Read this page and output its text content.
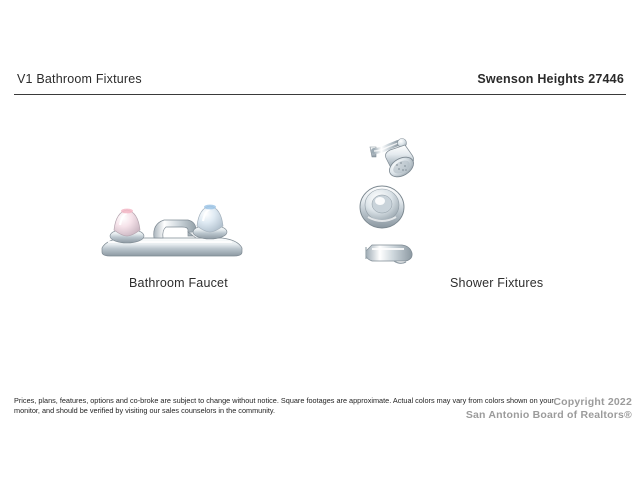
V1 Bathroom Fixtures	Swenson Heights 27446
Bathroom Faucet	Shower Fixtures
Prices, plans, features, options and co-broke are subject to change without notice. Square footages are approximate. Actual colors may vary from colors shown on your monitor, and should be verified by visiting our sales counselors in the community.
Copyright 2022
San Antonio Board of Realtors®
